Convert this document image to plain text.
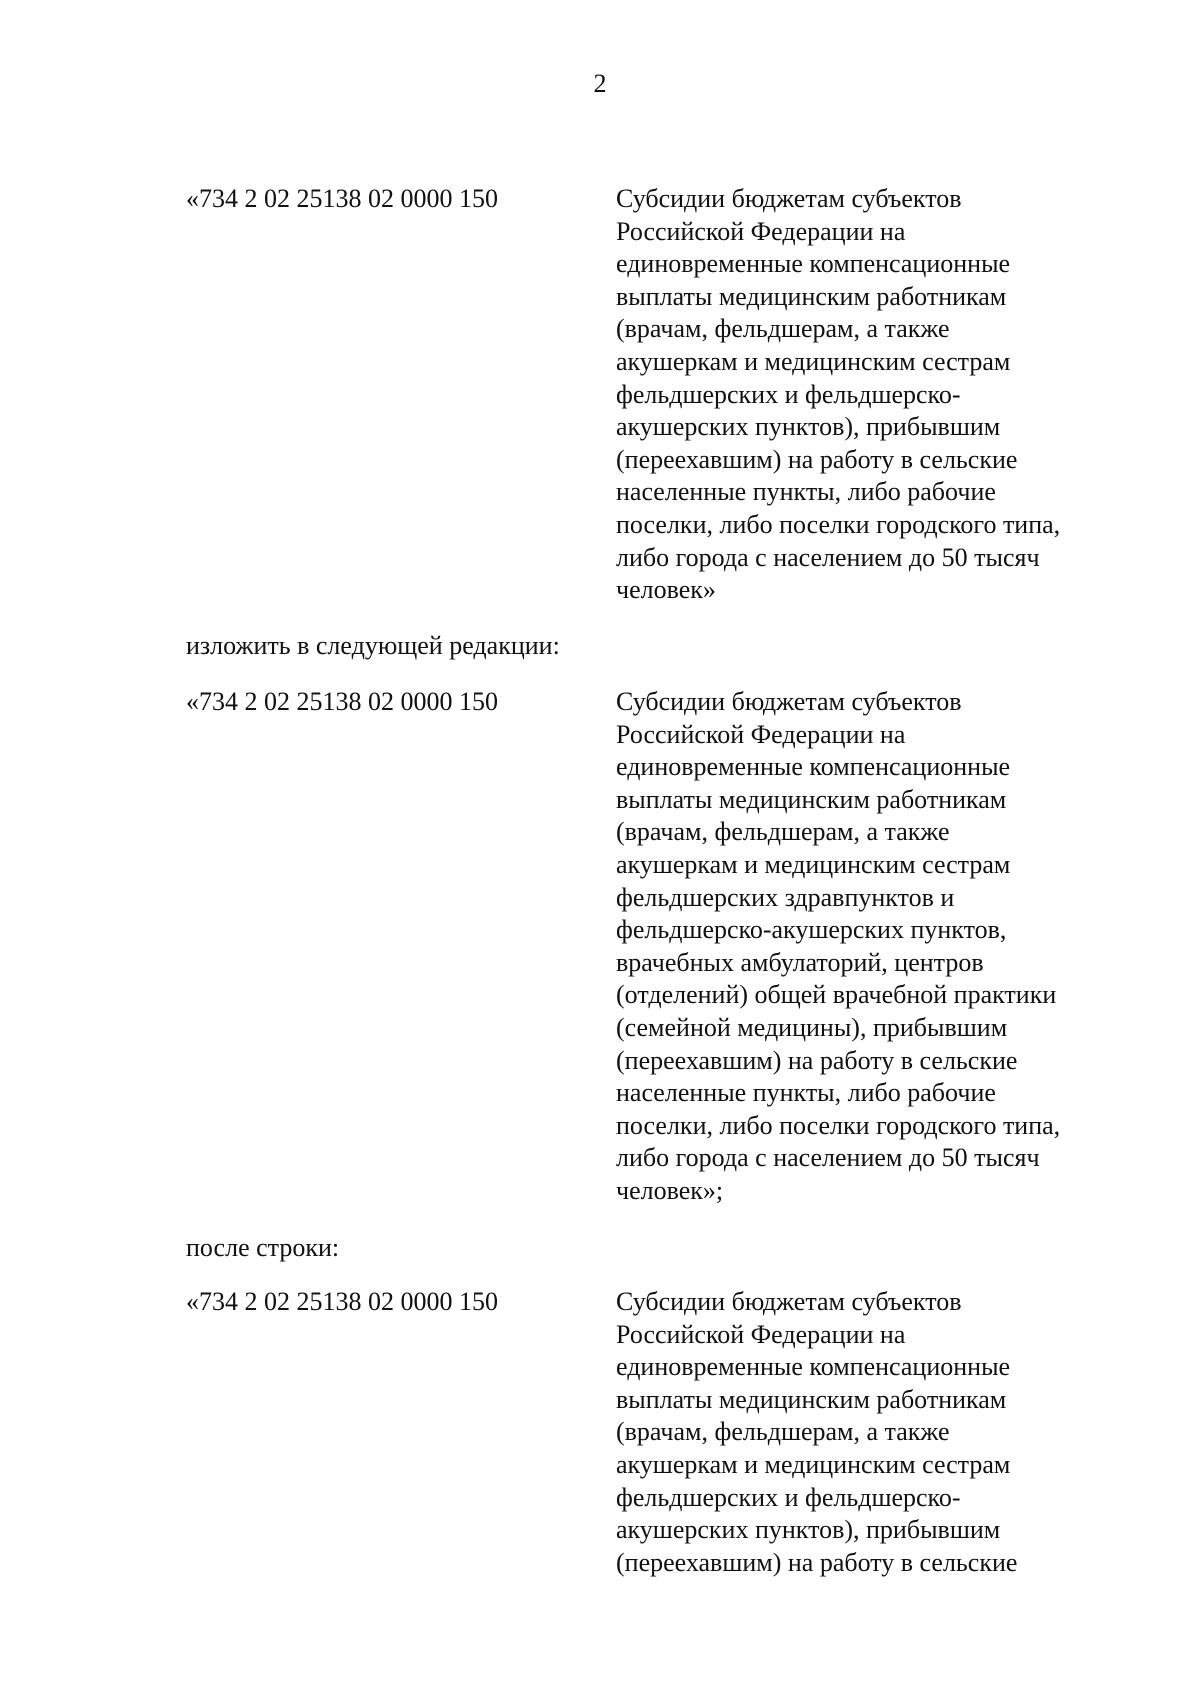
2
«734 2 02 25138 02 0000 150	Субсидии бюджетам субъектов
Российской Федерации на
единовременные компенсационные
выплаты медицинским работникам
(врачам, фельдшерам, а также
акушеркам и медицинским сестрам
фельдшерских и фельдшерско-
акушерских пунктов), прибывшим
(переехавшим) на работу в сельские
населенные пункты, либо рабочие
поселки, либо поселки городского типа,
либо города с населением до 50 тысяч
человек»
изложить в следующей редакции:
«734 2 02 25138 02 0000 150	Субсидии бюджетам субъектов
Российской Федерации на
единовременные компенсационные
выплаты медицинским работникам
(врачам, фельдшерам, а также
акушеркам и медицинским сестрам
фельдшерских здравпунктов и
фельдшерско-акушерских пунктов,
врачебных амбулаторий, центров
(отделений) общей врачебной практики
(семейной медицины), прибывшим
(переехавшим) на работу в сельские
населенные пункты, либо рабочие
поселки, либо поселки городского типа,
либо города с населением до 50 тысяч
человек»;
после строки:
«734 2 02 25138 02 0000 150	Субсидии бюджетам субъектов
Российской Федерации на
единовременные компенсационные
выплаты медицинским работникам
(врачам, фельдшерам, а также
акушеркам и медицинским сестрам
фельдшерских и фельдшерско-
акушерских пунктов), прибывшим
(переехавшим) на работу в сельские
